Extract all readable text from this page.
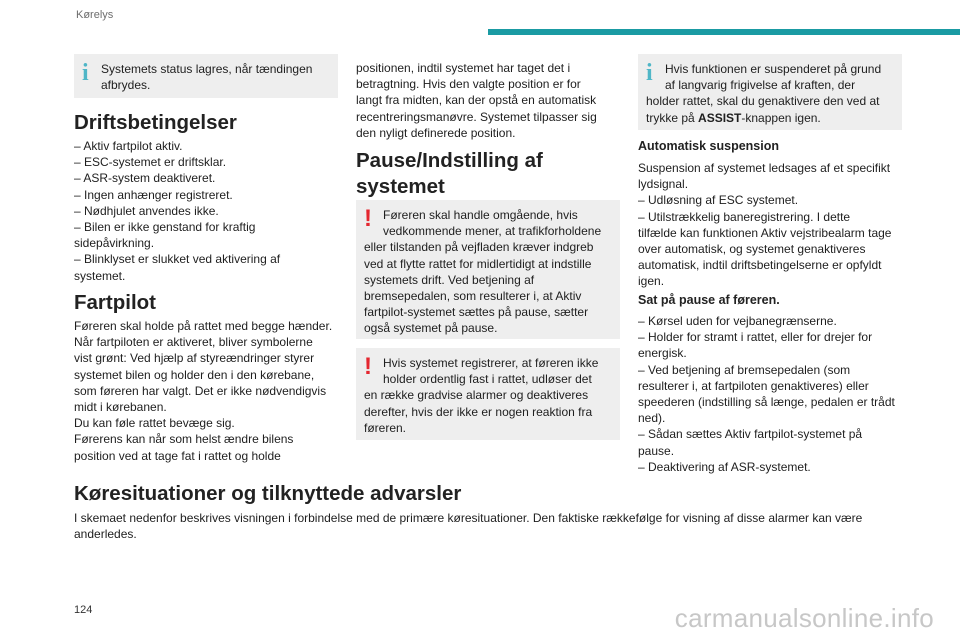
Kørelys
i	Systemets status lagres, når tændingen

afbrydes.

Driftsbetingelser

– Aktiv fartpilot aktiv.

– ESC-systemet er driftsklar.

– ASR-system deaktiveret.

– Ingen anhænger registreret.

– Nødhjulet anvendes ikke.

– Bilen er ikke genstand for kraftig

sidepåvirkning.

– Blinklyset er slukket ved aktivering af

systemet.

Fartpilot

Føreren skal holde på rattet med begge hænder.

Når fartpiloten er aktiveret, bliver symbolerne

vist grønt: Ved hjælp af styreændringer styrer

systemet bilen og holder den i den kørebane,

som føreren har valgt. Det er ikke nødvendigvis

midt i kørebanen.

Du kan føle rattet bevæge sig.

Førerens kan når som helst ændre bilens

position ved at tage fat i rattet og holde

positionen, indtil systemet har taget det i

betragtning. Hvis den valgte position er for

langt fra midten, kan der opstå en automatisk

recentreringsmanøvre. Systemet tilpasser sig

den nyligt definerede position.

Pause/Indstilling af
systemet
! Føreren skal handle omgående, hvis

vedkommende mener, at trafikforholdene

eller tilstanden på vejfladen kræver indgreb

ved at flytte rattet for midlertidigt at indstille

systemets drift. Ved betjening af

bremsepedalen, som resulterer i, at Aktiv

fartpilot-systemet sættes på pause, sætter

også systemet på pause.

! Hvis systemet registrerer, at føreren ikke

holder ordentlig fast i rattet, udløser det

en række gradvise alarmer og deaktiveres

derefter, hvis der ikke er nogen reaktion fra

føreren.

i	Hvis funktionen er suspenderet på grund

af langvarig frigivelse af kraften, der

holder rattet, skal du genaktivere den ved at

trykke på ASSIST-knappen igen.

Automatisk suspension

Suspension af systemet ledsages af et specifikt

lydsignal.

– Udløsning af ESC systemet.

– Utilstrækkelig baneregistrering. I dette

tilfælde kan funktionen Aktiv vejstribealarm tage

over automatisk, og systemet genaktiveres

automatisk, indtil driftsbetingelserne er opfyldt

igen.

Sat på pause af føreren.

– Kørsel uden for vejbanegrænserne.

– Holder for stramt i rattet, eller for drejer for

energisk.

– Ved betjening af bremsepedalen (som

resulterer i, at fartpiloten genaktiveres) eller

speederen (indstilling så længe, pedalen er trådt

ned).

– Sådan sættes Aktiv fartpilot-systemet på

pause.

– Deaktivering af ASR-systemet.

Køresituationer og tilknyttede advarsler
I skemaet nedenfor beskrives visningen i forbindelse med de primære køresituationer. Den faktiske rækkefølge for visning af disse alarmer kan være
anderledes.
124	carmanualsonline.info
